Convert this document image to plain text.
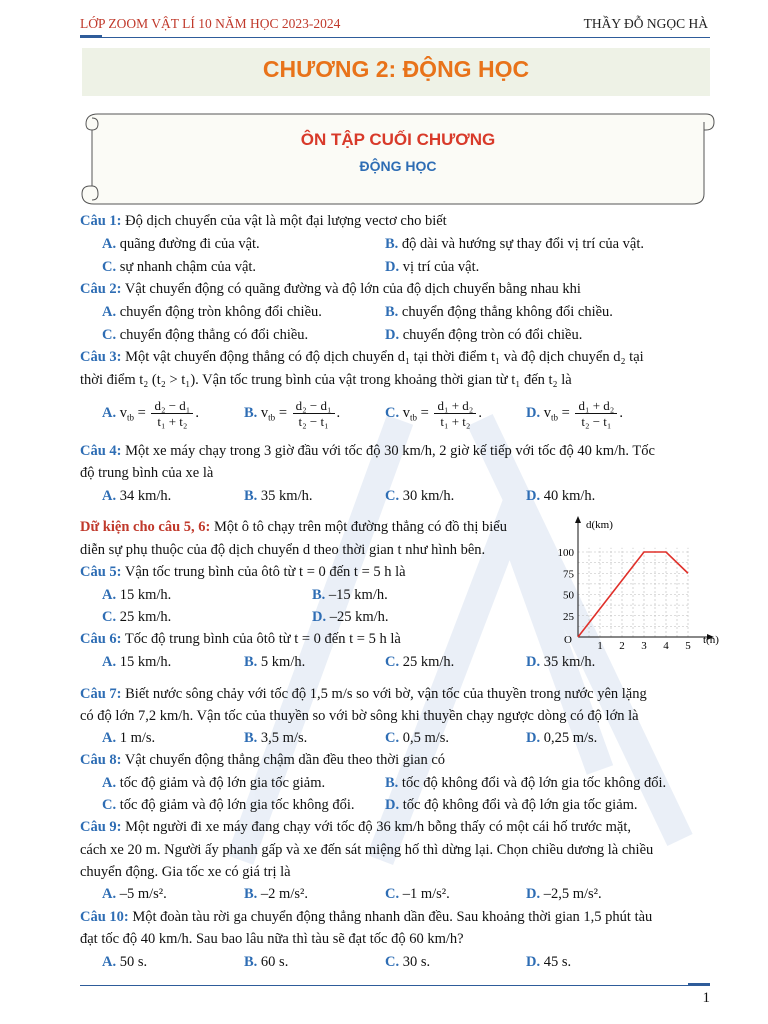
LỚP ZOOM VẬT LÍ 10 NĂM HỌC 2023-2024	THẦY ĐỖ NGỌC HÀ
CHƯƠNG 2: ĐỘNG HỌC
ÔN TẬP CUỐI CHƯƠNG
ĐỘNG HỌC
Câu 1: Độ dịch chuyển của vật là một đại lượng vectơ cho biết
A. quãng đường đi của vật.	B. độ dài và hướng sự thay đổi vị trí của vật.
C. sự nhanh chậm của vật.	D. vị trí của vật.
Câu 2: Vật chuyển động có quãng đường và độ lớn của độ dịch chuyển bằng nhau khi
A. chuyển động tròn không đổi chiều.	B. chuyển động thẳng không đổi chiều.
C. chuyển động thẳng có đổi chiều.	D. chuyển động tròn có đổi chiều.
Câu 3: Một vật chuyển động thẳng có độ dịch chuyển d₁ tại thời điểm t₁ và độ dịch chuyển d₂ tại
thời điểm t₂ (t₂ > t₁). Vận tốc trung bình của vật trong khoảng thời gian từ t₁ đến t₂ là
A. $v_{tb} = \frac{\text{d₂ − d₁}}{\text{t₁ + t₂}}$ .	B. $v_{tb} = \frac{\text{d₂ − d₁}}{\text{t₂ − t₁}}$ .	C. $v_{tb} = \frac{\text{d₁ + d₂}}{\text{t₁ + t₂}}$ .	D. $v_{tb} = \frac{\text{d₁ + d₂}}{\text{t₂ − t₁}}$ .
Câu 4: Một xe máy chạy trong 3 giờ đầu với tốc độ 30 km/h, 2 giờ kế tiếp với tốc độ 40 km/h. Tốc
độ trung bình của xe là
A. 34 km/h.	B. 35 km/h.	C. 30 km/h.	D. 40 km/h.
Dữ kiện cho câu 5, 6: Một ô tô chạy trên một đường thẳng có đồ thị biểu
diễn sự phụ thuộc của độ dịch chuyển d theo thời gian t như hình bên.
Câu 5: Vận tốc trung bình của ôtô từ t = 0 đến t = 5 h là
A. 15 km/h.	B. –15 km/h.
C. 25 km/h.	D. –25 km/h.
Câu 6: Tốc độ trung bình của ôtô từ t = 0 đến t = 5 h là
A. 15 km/h.	B. 5 km/h.	C. 25 km/h.	D. 35 km/h.
d(km)
t(h)
O
25
50
75
100
1 2 3 4 5
Câu 7: Biết nước sông chảy với tốc độ 1,5 m/s so với bờ, vận tốc của thuyền trong nước yên lặng
có độ lớn 7,2 km/h. Vận tốc của thuyền so với bờ sông khi thuyền chạy ngược dòng có độ lớn là
A. 1 m/s.	B. 3,5 m/s.	C. 0,5 m/s.	D. 0,25 m/s.
Câu 8: Vật chuyển động thẳng chậm dần đều theo thời gian có
A. tốc độ giảm và độ lớn gia tốc giảm.	B. tốc độ không đổi và độ lớn gia tốc không đổi.
C. tốc độ giảm và độ lớn gia tốc không đổi. D. tốc độ không đổi và độ lớn gia tốc giảm.
Câu 9: Một người đi xe máy đang chạy với tốc độ 36 km/h bỗng thấy có một cái hố trước mặt,
cách xe 20 m. Người ấy phanh gấp và xe đến sát miệng hố thì dừng lại. Chọn chiều dương là chiều
chuyển động. Gia tốc xe có giá trị là
A. –5 m/s².	B. –2 m/s².	C. –1 m/s².	D. –2,5 m/s².
Câu 10: Một đoàn tàu rời ga chuyển động thẳng nhanh dần đều. Sau khoảng thời gian 1,5 phút tàu
đạt tốc độ 40 km/h. Sau bao lâu nữa thì tàu sẽ đạt tốc độ 60 km/h?
A. 50 s.	B. 60 s.	C. 30 s.	D. 45 s.
1
